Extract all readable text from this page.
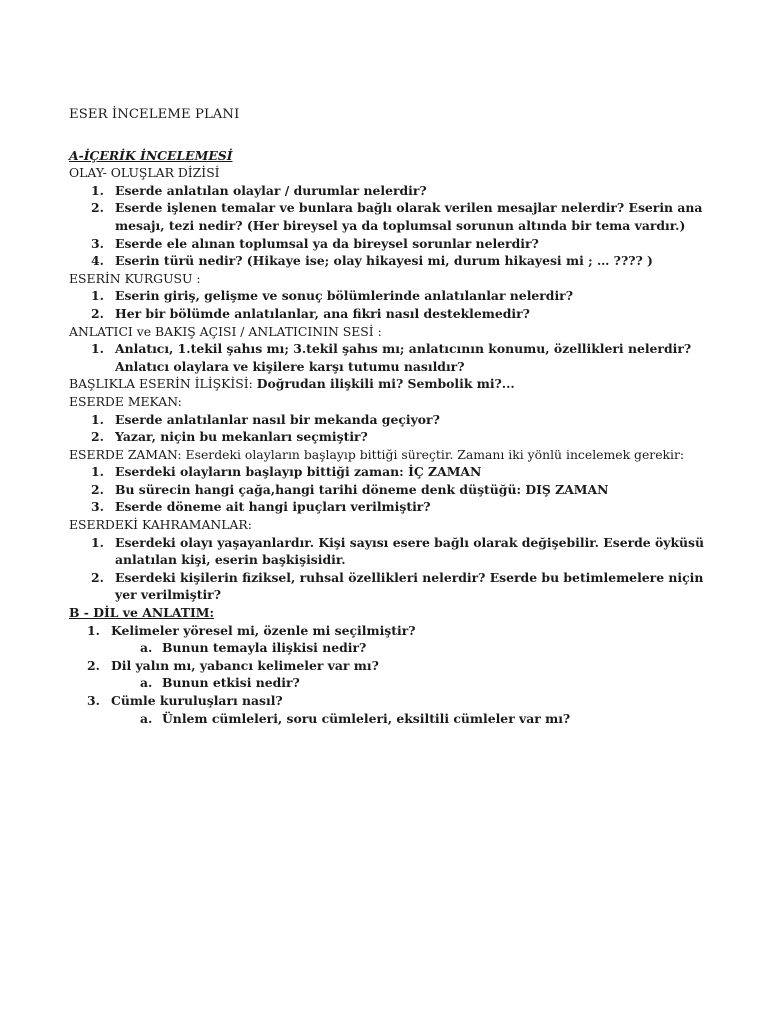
ESER İNCELEME PLANI

A-İÇERİK İNCELEMESİ

OLAY- OLUŞLAR DİZİSİ

1. Eserde anlatılan olaylar / durumlar nelerdir?
2. Eserde işlenen temalar ve bunlara bağlı olarak verilen mesajlar nelerdir? Eserin ana mesajı, tezi nedir? (Her bireysel ya da toplumsal sorunun altında bir tema vardır.)
3. Eserde ele alınan toplumsal ya da bireysel sorunlar nelerdir?
4. Eserin türü nedir? (Hikaye ise; olay hikayesi mi, durum hikayesi mi ; … ???? )

ESERİN KURGUSU :

1. Eserin giriş, gelişme ve sonuç bölümlerinde anlatılanlar nelerdir?
2. Her bir bölümde anlatılanlar, ana fikri nasıl desteklemedir?

ANLATICI ve BAKIŞ AÇISI / ANLATICININ SESİ :

1. Anlatıcı, 1.tekil şahıs mı; 3.tekil şahıs mı; anlatıcının konumu, özellikleri nelerdir? Anlatıcı olaylara ve kişilere karşı tutumu nasıldır?

BAŞLIKLA ESERİN İLİŞKİSİ: Doğrudan ilişkili mi? Sembolik mi?...

ESERDE MEKAN:

1. Eserde anlatılanlar nasıl bir mekanda geçiyor?
2. Yazar, niçin bu mekanları seçmiştir?

ESERDE ZAMAN: Eserdeki olayların başlayıp bittiği süreçtir. Zamanı iki yönlü incelemek gerekir:

1. Eserdeki olayların başlayıp bittiği zaman: İÇ ZAMAN
2. Bu sürecin hangi çağa,hangi tarihi döneme denk düştüğü: DIŞ ZAMAN
3. Eserde döneme ait hangi ipuçları verilmiştir?

ESERDEKİ KAHRAMANLAR:

1. Eserdeki olayı yaşayanlardır. Kişi sayısı esere bağlı olarak değişebilir. Eserde öyküsü anlatılan kişi, eserin başkişisidir.
2. Eserdeki kişilerin fiziksel, ruhsal özellikleri nelerdir? Eserde bu betimlemelere niçin yer verilmiştir?

B - DİL ve ANLATIM:

1. Kelimeler yöresel mi, özenle mi seçilmiştir?
a. Bunun temayla ilişkisi nedir?
2. Dil yalın mı, yabancı kelimeler var mı?
a. Bunun etkisi nedir?
3. Cümle kuruluşları nasıl?
a. Ünlem cümleleri, soru cümleleri, eksiltili cümleler var mı?
